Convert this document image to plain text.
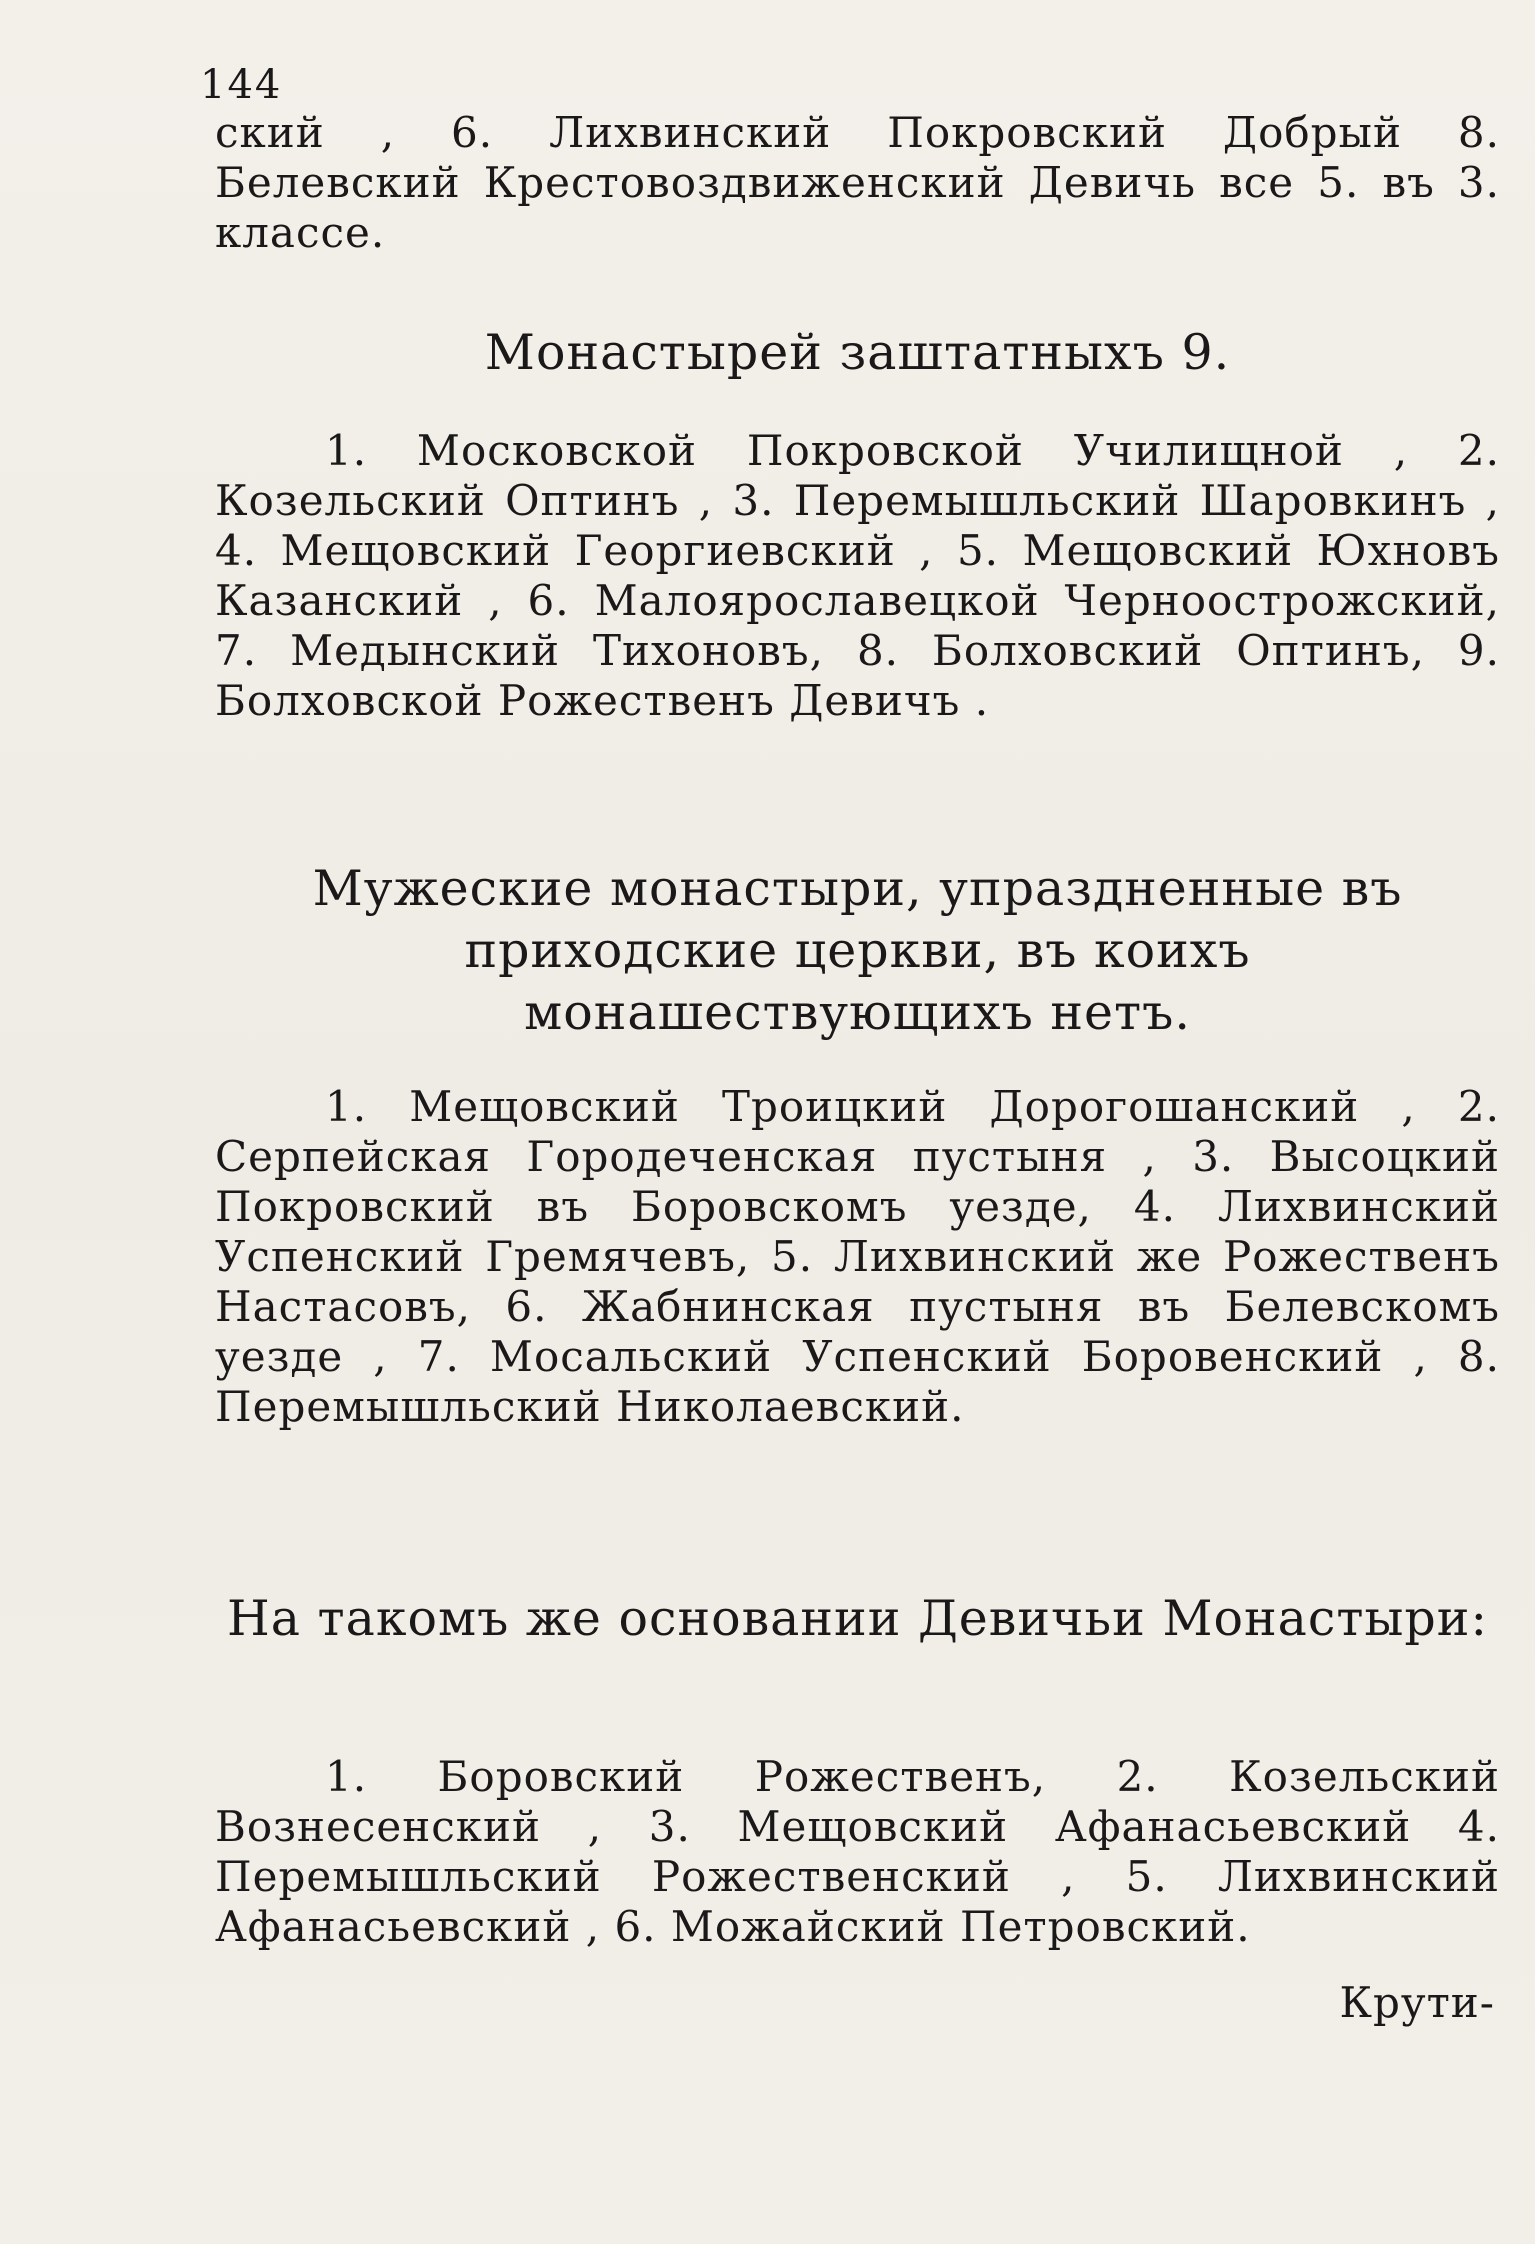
144

ский , 6. Лихвинский Покровский Добрый 8. Белевский Крестовоздвиженский Девичь все 5. въ 3. классе.

Монастырей заштатныхъ 9.

1. Московской Покровской Училищной , 2. Козельский Оптинъ , 3. Перемышльский Шаровкинъ , 4. Мещовский Георгиевский , 5. Мещовский Юхновъ Казанский , 6. Малоярославецкой Черноострожский, 7. Медынский Тихоновъ, 8. Болховский Оптинъ, 9. Болховской Рожественъ Девичъ .

Мужеские монастыри, упраздненные въ приходские церкви, въ коихъ монашествующихъ нетъ.

1. Мещовский Троицкий Дорогошанский , 2. Серпейская Городеченская пустыня , 3. Высоцкий Покровский въ Боровскомъ уезде, 4. Лихвинский Успенский Гремячевъ, 5. Лихвинский же Рожественъ Настасовъ, 6. Жабнинская пустыня въ Белевскомъ уезде , 7. Мосальский Успенский Боровенский , 8. Перемышльский Николаевский.

На такомъ же основании Девичьи Монастыри:

1. Боровский Рожественъ, 2. Козельский Вознесенский , 3. Мещовский Афанасьевский 4. Перемышльский Рожественский , 5. Лихвинский Афанасьевский , 6. Можайский Петровский.

Крути-
